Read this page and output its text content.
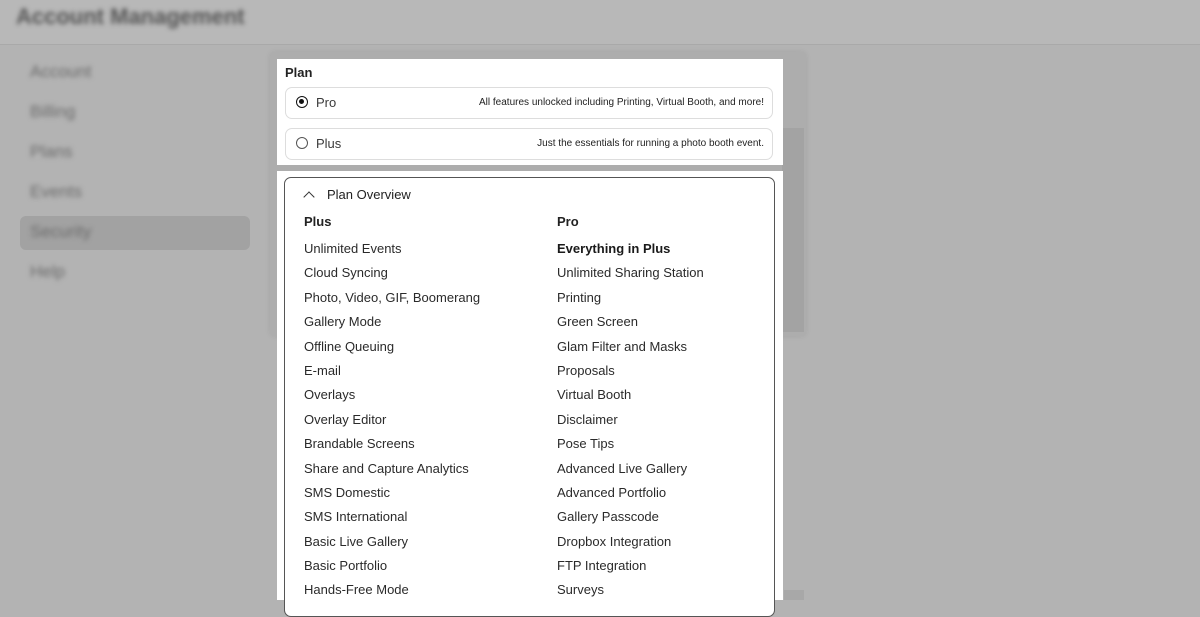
Account Management
Account
Billing
Plans
Events
Security
Help
Plan
Pro	All features unlocked including Printing, Virtual Booth, and more!
Plus	Just the essentials for running a photo booth event.
Plan Overview
Plus
Unlimited Events
Cloud Syncing
Photo, Video, GIF, Boomerang
Gallery Mode
Offline Queuing
E-mail
Overlays
Overlay Editor
Brandable Screens
Share and Capture Analytics
SMS Domestic
SMS International
Basic Live Gallery
Basic Portfolio
Hands-Free Mode
Pro
Everything in Plus
Unlimited Sharing Station
Printing
Green Screen
Glam Filter and Masks
Proposals
Virtual Booth
Disclaimer
Pose Tips
Advanced Live Gallery
Advanced Portfolio
Gallery Passcode
Dropbox Integration
FTP Integration
Surveys
